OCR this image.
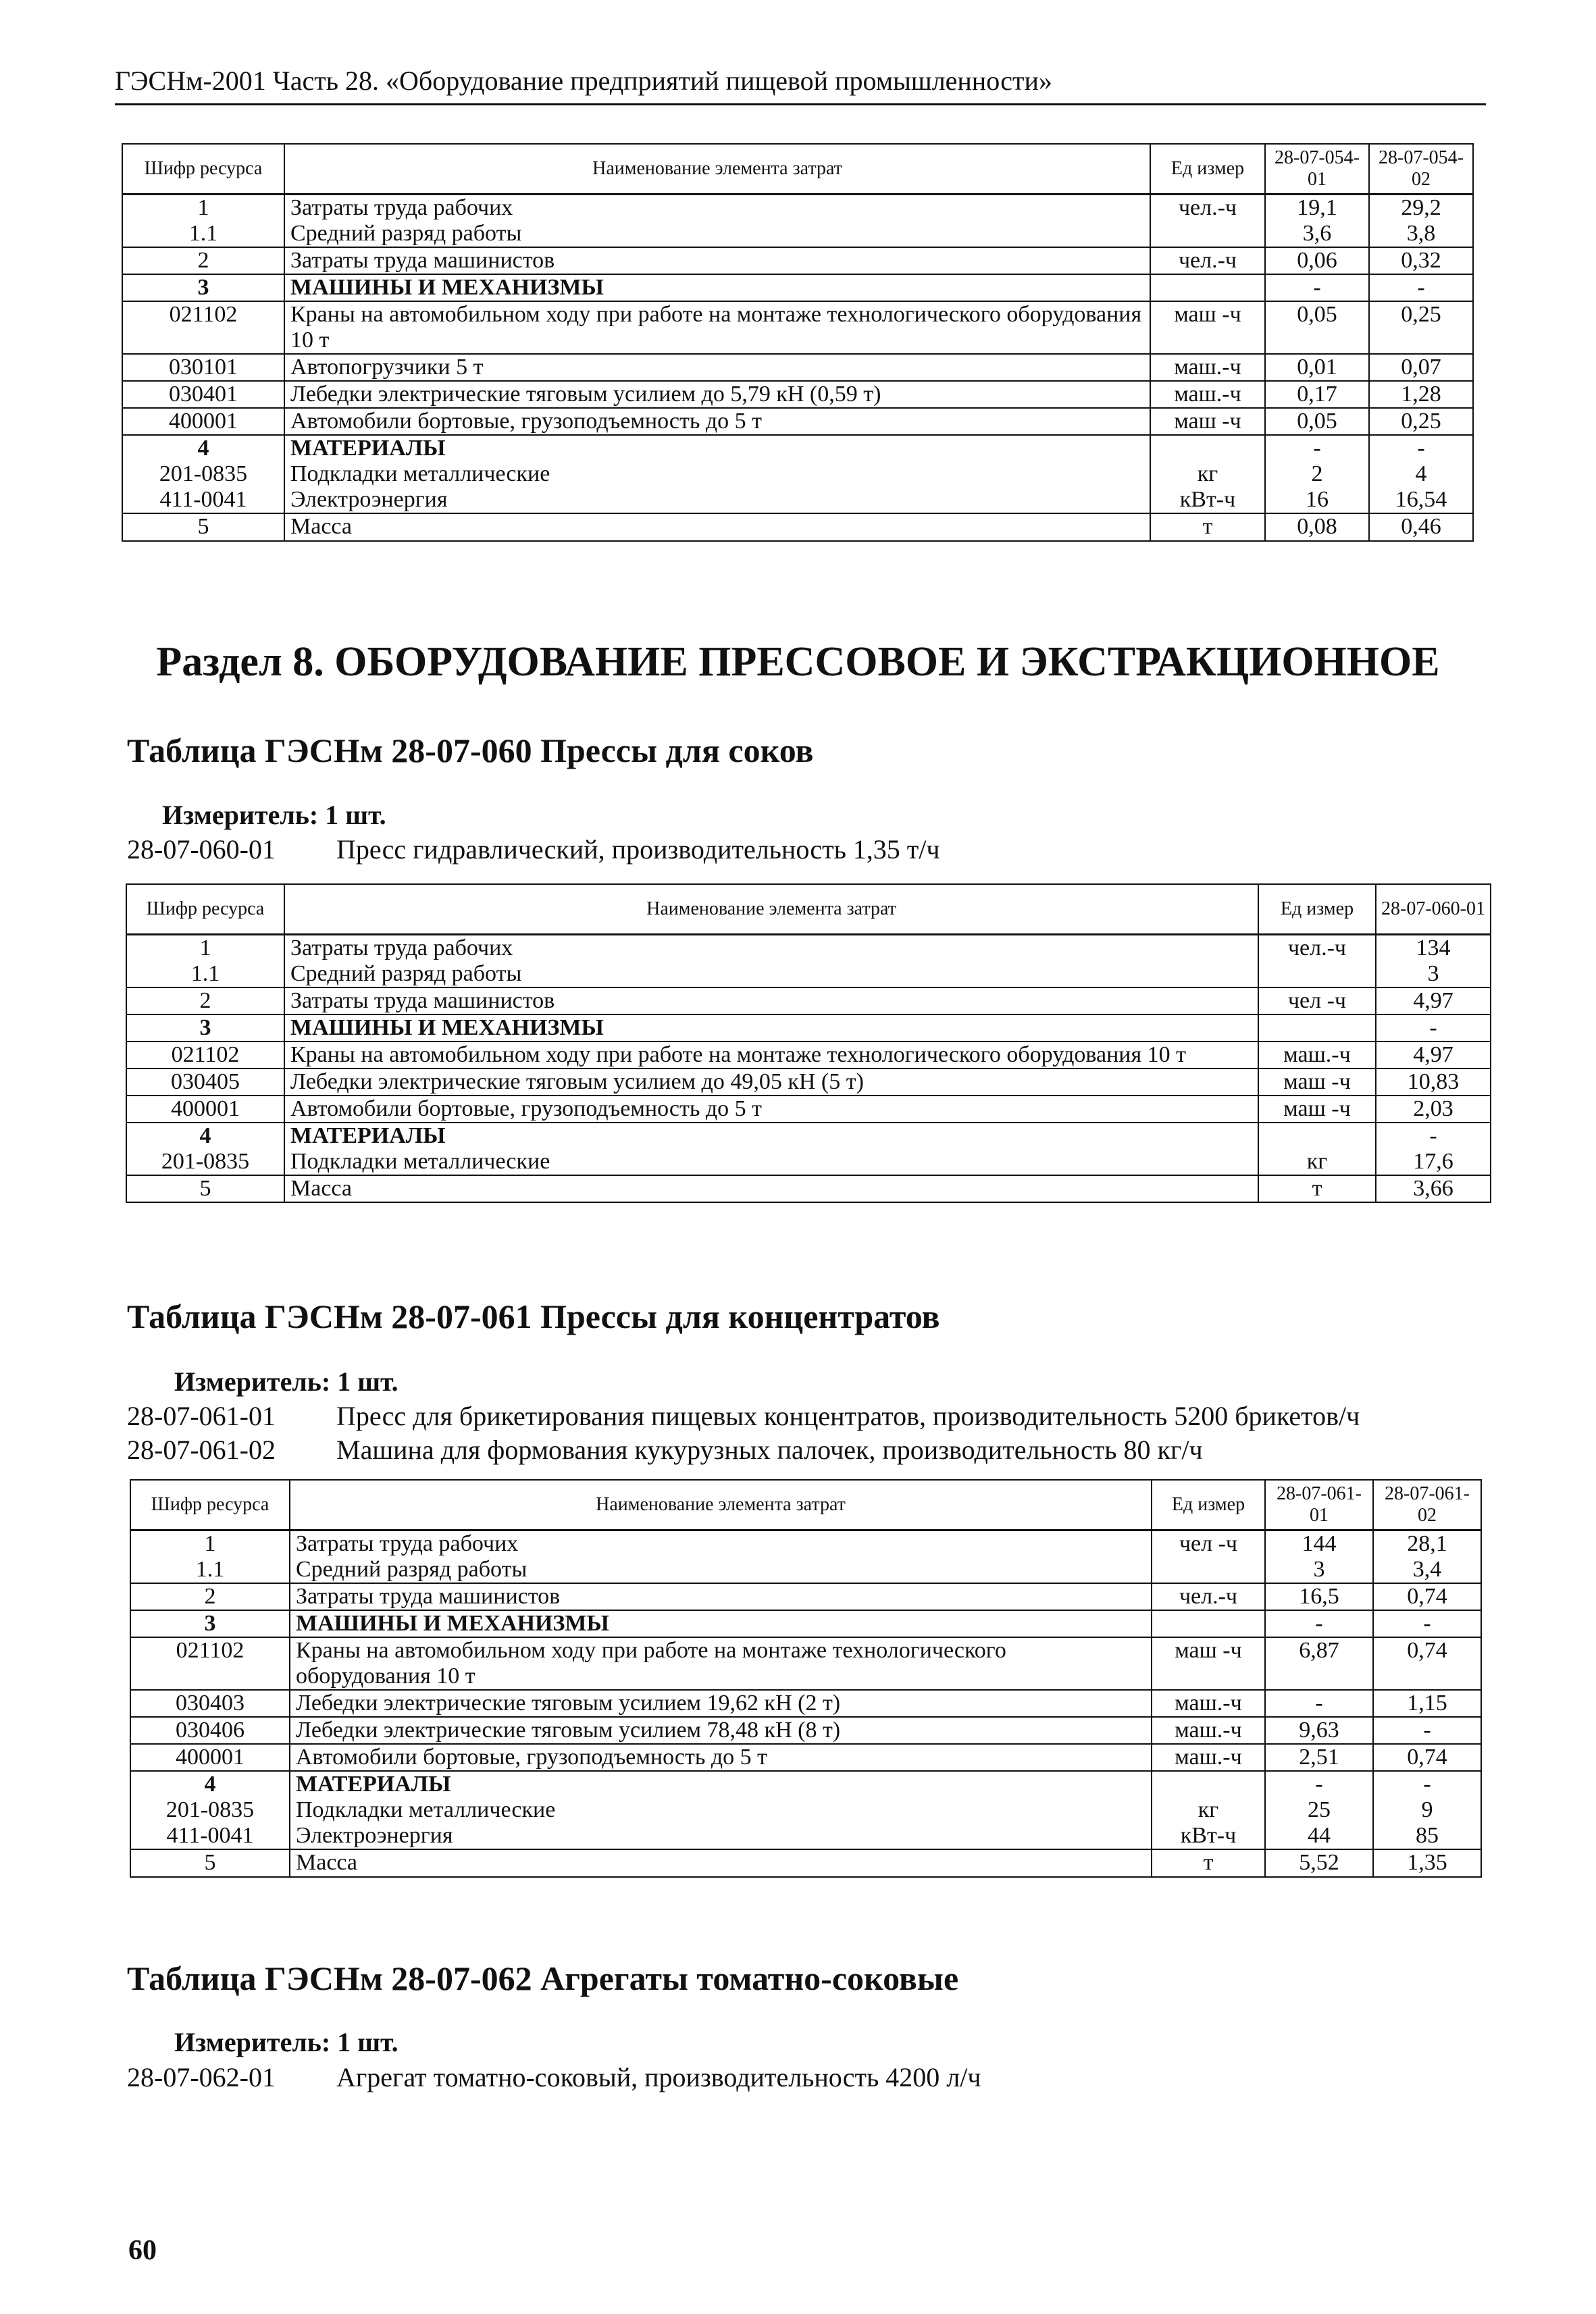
ГЭСНм-2001 Часть 28. «Оборудование предприятий пищевой промышленности»
Шифр ресурса	Наименование элемента затрат	Ед измер	28-07-054-01	28-07-054-02
1	Затраты труда рабочих	чел.-ч	19,1	29,2
1.1	Средний разряд работы		3,6	3,8
2	Затраты труда машинистов	чел.-ч	0,06	0,32
3	МАШИНЫ И МЕХАНИЗМЫ		-	-
021102	Краны на автомобильном ходу при работе на монтаже технологического оборудования 10 т	маш -ч	0,05	0,25
030101	Автопогрузчики 5 т	маш.-ч	0,01	0,07
030401	Лебедки электрические тяговым усилием до 5,79 кН (0,59 т)	маш.-ч	0,17	1,28
400001	Автомобили бортовые, грузоподъемность до 5 т	маш -ч	0,05	0,25
4	МАТЕРИАЛЫ		-	-
201-0835	Подкладки металлические	кг	2	4
411-0041	Электроэнергия	кВт-ч	16	16,54
5	Масса	т	0,08	0,46
Раздел 8. ОБОРУДОВАНИЕ ПРЕССОВОЕ И ЭКСТРАКЦИОННОЕ
Таблица ГЭСНм 28-07-060 Прессы для соков
Измеритель: 1 шт.
28-07-060-01 Пресс гидравлический, производительность 1,35 т/ч
Шифр ресурса	Наименование элемента затрат	Ед измер	28-07-060-01
1	Затраты труда рабочих	чел.-ч	134
1.1	Средний разряд работы		3
2	Затраты труда машинистов	чел -ч	4,97
3	МАШИНЫ И МЕХАНИЗМЫ		-
021102	Краны на автомобильном ходу при работе на монтаже технологического оборудования 10 т	маш.-ч	4,97
030405	Лебедки электрические тяговым усилием до 49,05 кН (5 т)	маш -ч	10,83
400001	Автомобили бортовые, грузоподъемность до 5 т	маш -ч	2,03
4	МАТЕРИАЛЫ		-
201-0835	Подкладки металлические	кг	17,6
5	Масса	т	3,66
Таблица ГЭСНм 28-07-061 Прессы для концентратов
Измеритель: 1 шт.
28-07-061-01 Пресс для брикетирования пищевых концентратов, производительность 5200 брикетов/ч
28-07-061-02 Машина для формования кукурузных палочек, производительность 80 кг/ч
Шифр ресурса	Наименование элемента затрат	Ед измер	28-07-061-01	28-07-061-02
1	Затраты труда рабочих	чел -ч	144	28,1
1.1	Средний разряд работы		3	3,4
2	Затраты труда машинистов	чел.-ч	16,5	0,74
3	МАШИНЫ И МЕХАНИЗМЫ		-	-
021102	Краны на автомобильном ходу при работе на монтаже технологического оборудования 10 т	маш -ч	6,87	0,74
030403	Лебедки электрические тяговым усилием 19,62 кН (2 т)	маш.-ч	-	1,15
030406	Лебедки электрические тяговым усилием 78,48 кН (8 т)	маш.-ч	9,63	-
400001	Автомобили бортовые, грузоподъемность до 5 т	маш.-ч	2,51	0,74
4	МАТЕРИАЛЫ		-	-
201-0835	Подкладки металлические	кг	25	9
411-0041	Электроэнергия	кВт-ч	44	85
5	Масса	т	5,52	1,35
Таблица ГЭСНм 28-07-062 Агрегаты томатно-соковые
Измеритель: 1 шт.
28-07-062-01 Агрегат томатно-соковый, производительность 4200 л/ч
60
